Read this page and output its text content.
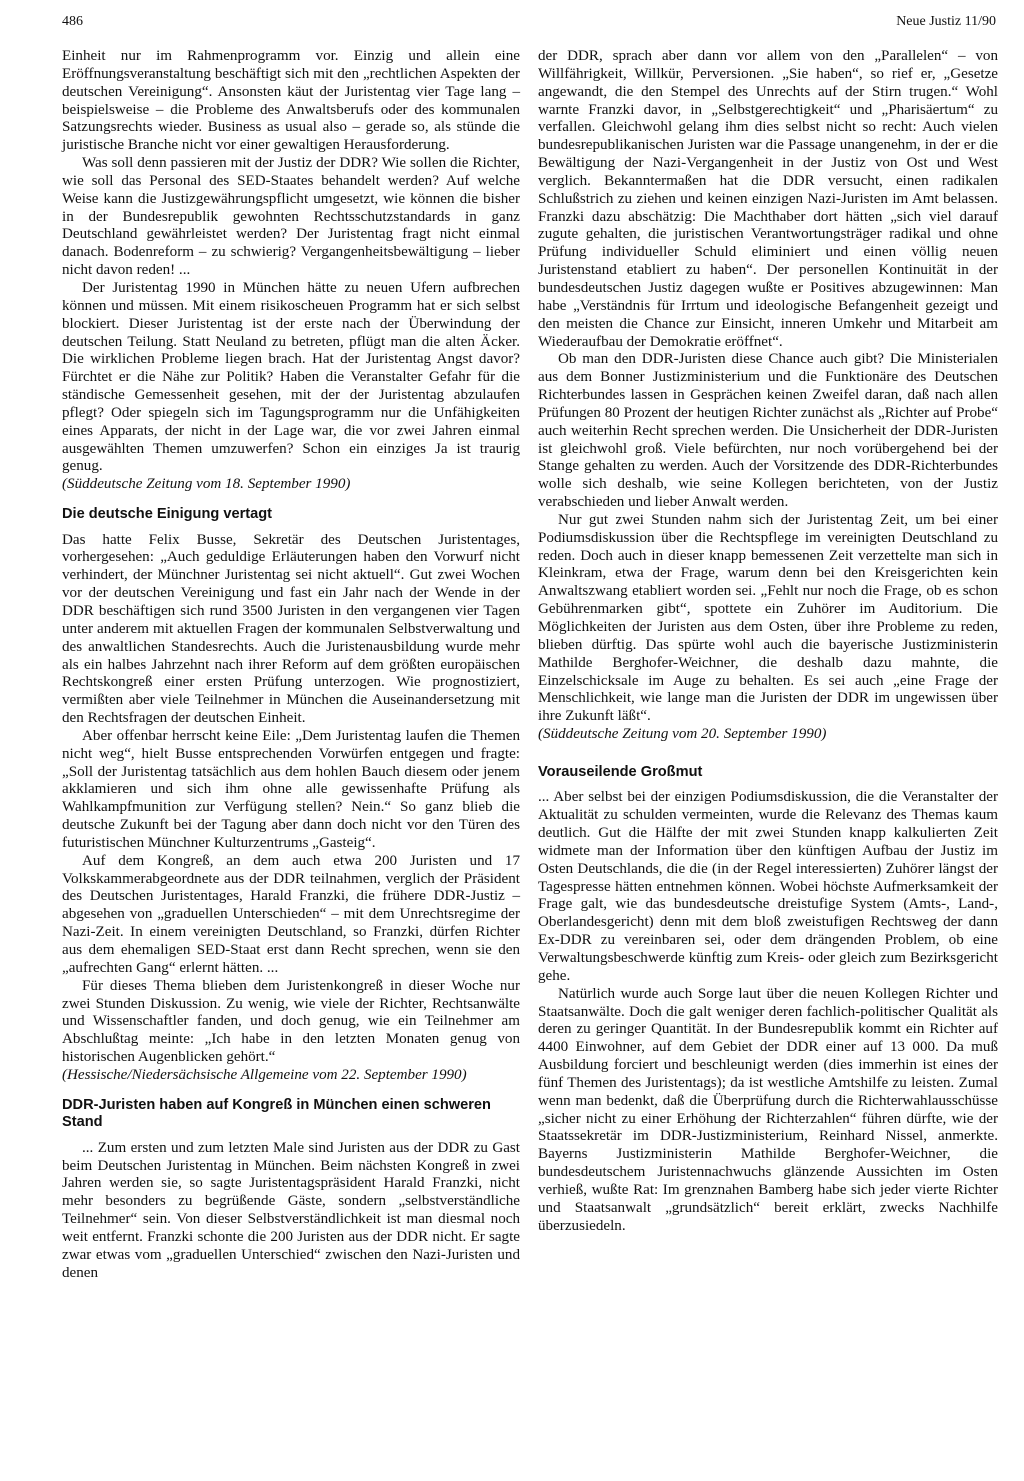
486	Neue Justiz 11/90

Einheit nur im Rahmenprogramm vor. Einzig und allein eine Eröffnungsveranstaltung beschäftigt sich mit den „rechtlichen Aspekten der deutschen Vereinigung“. Ansonsten käut der Juristentag vier Tage lang – beispielsweise – die Probleme des Anwaltsberufs oder des kommunalen Satzungsrechts wieder. Business as usual also – gerade so, als stünde die juristische Branche nicht vor einer gewaltigen Herausforderung.

Was soll denn passieren mit der Justiz der DDR? Wie sollen die Richter, wie soll das Personal des SED-Staates behandelt werden? Auf welche Weise kann die Justizgewährungspflicht umgesetzt, wie können die bisher in der Bundesrepublik gewohnten Rechtsschutzstandards in ganz Deutschland gewährleistet werden? Der Juristentag fragt nicht einmal danach. Bodenreform – zu schwierig? Vergangenheitsbewältigung – lieber nicht davon reden! ...

Der Juristentag 1990 in München hätte zu neuen Ufern aufbrechen können und müssen. Mit einem risikoscheuen Programm hat er sich selbst blockiert. Dieser Juristentag ist der erste nach der Überwindung der deutschen Teilung. Statt Neuland zu betreten, pflügt man die alten Äcker. Die wirklichen Probleme liegen brach. Hat der Juristentag Angst davor? Fürchtet er die Nähe zur Politik? Haben die Veranstalter Gefahr für die ständische Gemessenheit gesehen, mit der der Juristentag abzulaufen pflegt? Oder spiegeln sich im Tagungsprogramm nur die Unfähigkeiten eines Apparats, der nicht in der Lage war, die vor zwei Jahren einmal ausgewählten Themen umzuwerfen? Schon ein einziges Ja ist traurig genug.

(Süddeutsche Zeitung vom 18. September 1990)

Die deutsche Einigung vertagt

Das hatte Felix Busse, Sekretär des Deutschen Juristentages, vorhergesehen: „Auch geduldige Erläuterungen haben den Vorwurf nicht verhindert, der Münchner Juristentag sei nicht aktuell“. Gut zwei Wochen vor der deutschen Vereinigung und fast ein Jahr nach der Wende in der DDR beschäftigen sich rund 3500 Juristen in den vergangenen vier Tagen unter anderem mit aktuellen Fragen der kommunalen Selbstverwaltung und des anwaltlichen Standesrechts. Auch die Juristenausbildung wurde mehr als ein halbes Jahrzehnt nach ihrer Reform auf dem größten europäischen Rechtskongreß einer ersten Prüfung unterzogen. Wie prognostiziert, vermißten aber viele Teilnehmer in München die Auseinandersetzung mit den Rechtsfragen der deutschen Einheit.

Aber offenbar herrscht keine Eile: „Dem Juristentag laufen die Themen nicht weg“, hielt Busse entsprechenden Vorwürfen entgegen und fragte: „Soll der Juristentag tatsächlich aus dem hohlen Bauch diesem oder jenem akklamieren und sich ihm ohne alle gewissenhafte Prüfung als Wahlkampfmunition zur Verfügung stellen? Nein.“ So ganz blieb die deutsche Zukunft bei der Tagung aber dann doch nicht vor den Türen des futuristischen Münchner Kulturzentrums „Gasteig“.

Auf dem Kongreß, an dem auch etwa 200 Juristen und 17 Volkskammerabgeordnete aus der DDR teilnahmen, verglich der Präsident des Deutschen Juristentages, Harald Franzki, die frühere DDR-Justiz – abgesehen von „graduellen Unterschieden“ – mit dem Unrechtsregime der Nazi-Zeit. In einem vereinigten Deutschland, so Franzki, dürfen Richter aus dem ehemaligen SED-Staat erst dann Recht sprechen, wenn sie den „aufrechten Gang“ erlernt hätten. ...

Für dieses Thema blieben dem Juristenkongreß in dieser Woche nur zwei Stunden Diskussion. Zu wenig, wie viele der Richter, Rechtsanwälte und Wissenschaftler fanden, und doch genug, wie ein Teilnehmer am Abschlußtag meinte: „Ich habe in den letzten Monaten genug von historischen Augenblicken gehört.“

(Hessische/Niedersächsische Allgemeine vom 22. September 1990)

DDR-Juristen haben auf Kongreß in München einen schweren Stand

... Zum ersten und zum letzten Male sind Juristen aus der DDR zu Gast beim Deutschen Juristentag in München. Beim nächsten Kongreß in zwei Jahren werden sie, so sagte Juristentagspräsident Harald Franzki, nicht mehr besonders zu begrüßende Gäste, sondern „selbstverständliche Teilnehmer“ sein. Von dieser Selbstverständlichkeit ist man diesmal noch weit entfernt. Franzki schonte die 200 Juristen aus der DDR nicht. Er sagte zwar etwas vom „graduellen Unterschied“ zwischen den Nazi-Juristen und denen

der DDR, sprach aber dann vor allem von den „Parallelen“ – von Willfährigkeit, Willkür, Perversionen. „Sie haben“, so rief er, „Gesetze angewandt, die den Stempel des Unrechts auf der Stirn trugen.“ Wohl warnte Franzki davor, in „Selbstgerechtigkeit“ und „Pharisäertum“ zu verfallen. Gleichwohl gelang ihm dies selbst nicht so recht: Auch vielen bundesrepublikanischen Juristen war die Passage unangenehm, in der er die Bewältigung der Nazi-Vergangenheit in der Justiz von Ost und West verglich. Bekanntermaßen hat die DDR versucht, einen radikalen Schlußstrich zu ziehen und keinen einzigen Nazi-Juristen im Amt belassen. Franzki dazu abschätzig: Die Machthaber dort hätten „sich viel darauf zugute gehalten, die juristischen Verantwortungsträger radikal und ohne Prüfung individueller Schuld eliminiert und einen völlig neuen Juristenstand etabliert zu haben“. Der personellen Kontinuität in der bundesdeutschen Justiz dagegen wußte er Positives abzugewinnen: Man habe „Verständnis für Irrtum und ideologische Befangenheit gezeigt und den meisten die Chance zur Einsicht, inneren Umkehr und Mitarbeit am Wiederaufbau der Demokratie eröffnet“.

Ob man den DDR-Juristen diese Chance auch gibt? Die Ministerialen aus dem Bonner Justizministerium und die Funktionäre des Deutschen Richterbundes lassen in Gesprächen keinen Zweifel daran, daß nach allen Prüfungen 80 Prozent der heutigen Richter zunächst als „Richter auf Probe“ auch weiterhin Recht sprechen werden. Die Unsicherheit der DDR-Juristen ist gleichwohl groß. Viele befürchten, nur noch vorübergehend bei der Stange gehalten zu werden. Auch der Vorsitzende des DDR-Richterbundes wolle sich deshalb, wie seine Kollegen berichteten, von der Justiz verabschieden und lieber Anwalt werden.

Nur gut zwei Stunden nahm sich der Juristentag Zeit, um bei einer Podiumsdiskussion über die Rechtspflege im vereinigten Deutschland zu reden. Doch auch in dieser knapp bemessenen Zeit verzettelte man sich in Kleinkram, etwa der Frage, warum denn bei den Kreisgerichten kein Anwaltszwang etabliert worden sei. „Fehlt nur noch die Frage, ob es schon Gebührenmarken gibt“, spottete ein Zuhörer im Auditorium. Die Möglichkeiten der Juristen aus dem Osten, über ihre Probleme zu reden, blieben dürftig. Das spürte wohl auch die bayerische Justizministerin Mathilde Berghofer-Weichner, die deshalb dazu mahnte, die Einzelschicksale im Auge zu behalten. Es sei auch „eine Frage der Menschlichkeit, wie lange man die Juristen der DDR im ungewissen über ihre Zukunft läßt“.

(Süddeutsche Zeitung vom 20. September 1990)

Vorauseilende Großmut

... Aber selbst bei der einzigen Podiumsdiskussion, die die Veranstalter der Aktualität zu schulden vermeinten, wurde die Relevanz des Themas kaum deutlich. Gut die Hälfte der mit zwei Stunden knapp kalkulierten Zeit widmete man der Information über den künftigen Aufbau der Justiz im Osten Deutschlands, die die (in der Regel interessierten) Zuhörer längst der Tagespresse hätten entnehmen können. Wobei höchste Aufmerksamkeit der Frage galt, wie das bundesdeutsche dreistufige System (Amts-, Land-, Oberlandesgericht) denn mit dem bloß zweistufigen Rechtsweg der dann Ex-DDR zu vereinbaren sei, oder dem drängenden Problem, ob eine Verwaltungsbeschwerde künftig zum Kreis- oder gleich zum Bezirksgericht gehe.

Natürlich wurde auch Sorge laut über die neuen Kollegen Richter und Staatsanwälte. Doch die galt weniger deren fachlich-politischer Qualität als deren zu geringer Quantität. In der Bundesrepublik kommt ein Richter auf 4400 Einwohner, auf dem Gebiet der DDR einer auf 13 000. Da muß Ausbildung forciert und beschleunigt werden (dies immerhin ist eines der fünf Themen des Juristentags); da ist westliche Amtshilfe zu leisten. Zumal wenn man bedenkt, daß die Überprüfung durch die Richterwahlausschüsse „sicher nicht zu einer Erhöhung der Richterzahlen“ führen dürfte, wie der Staatssekretär im DDR-Justizministerium, Reinhard Nissel, anmerkte. Bayerns Justizministerin Mathilde Berghofer-Weichner, die bundesdeutschem Juristennachwuchs glänzende Aussichten im Osten verhieß, wußte Rat: Im grenznahen Bamberg habe sich jeder vierte Richter und Staatsanwalt „grundsätzlich“ bereit erklärt, zwecks Nachhilfe überzusiedeln.
